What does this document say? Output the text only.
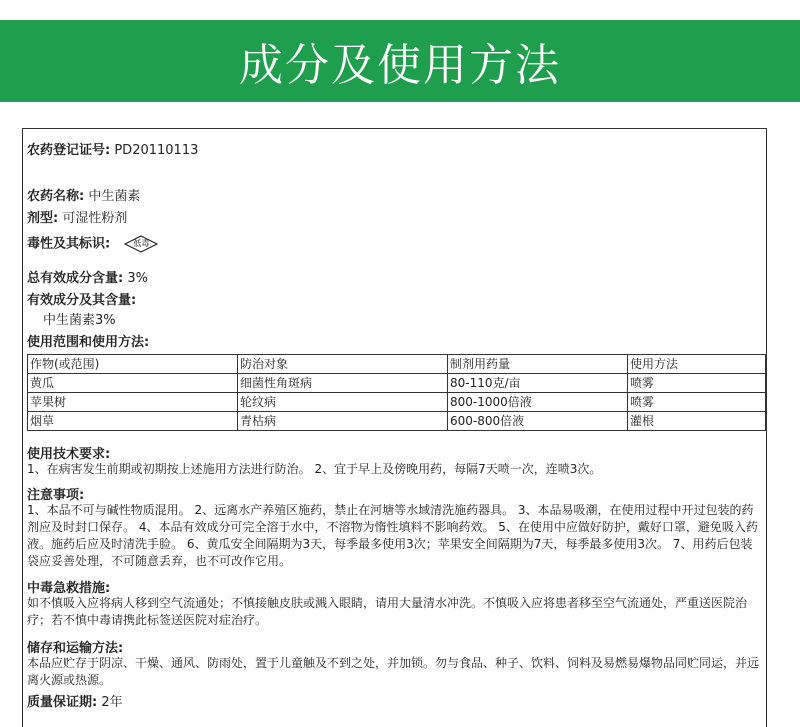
成分及使用方法
农药登记证号: PD20110113
农药名称: 中生菌素
剂型: 可湿性粉剂
毒性及其标识:	低毒
总有效成分含量: 3%
有效成分及其含量:
中生菌素3%
使用范围和使用方法:
作物(或范围)	防治对象	制剂用药量	使用方法
黄瓜	细菌性角斑病	80-110克/亩	喷雾
苹果树	轮纹病	800-1000倍液	喷雾
烟草	青枯病	600-800倍液	灌根
使用技术要求:
1、在病害发生前期或初期按上述施用方法进行防治。 2、宜于早上及傍晚用药，每隔7天喷一次，连喷3次。
注意事项:
1、本品不可与碱性物质混用。 2、远离水产养殖区施药，禁止在河塘等水域清洗施药器具。 3、本品易吸潮，在使用过程中开过包装的药剂应及时封口保存。 4、本品有效成分可完全溶于水中，不溶物为惰性填料不影响药效。 5、在使用中应做好防护，戴好口罩，避免吸入药液。施药后应及时清洗手脸。 6、黄瓜安全间隔期为3天，每季最多使用3次；苹果安全间隔期为7天，每季最多使用3次。 7、用药后包装袋应妥善处理，不可随意丢弃，也不可改作它用。
中毒急救措施:
如不慎吸入应将病人移到空气流通处；不慎接触皮肤或溅入眼睛，请用大量清水冲洗。不慎吸入应将患者移至空气流通处，严重送医院治疗；若不慎中毒请携此标签送医院对症治疗。
储存和运输方法:
本品应贮存于阴凉、干燥、通风、防雨处，置于儿童触及不到之处，并加锁。勿与食品、种子、饮料、饲料及易燃易爆物品同贮同运，并远离火源或热源。
质量保证期: 2年
